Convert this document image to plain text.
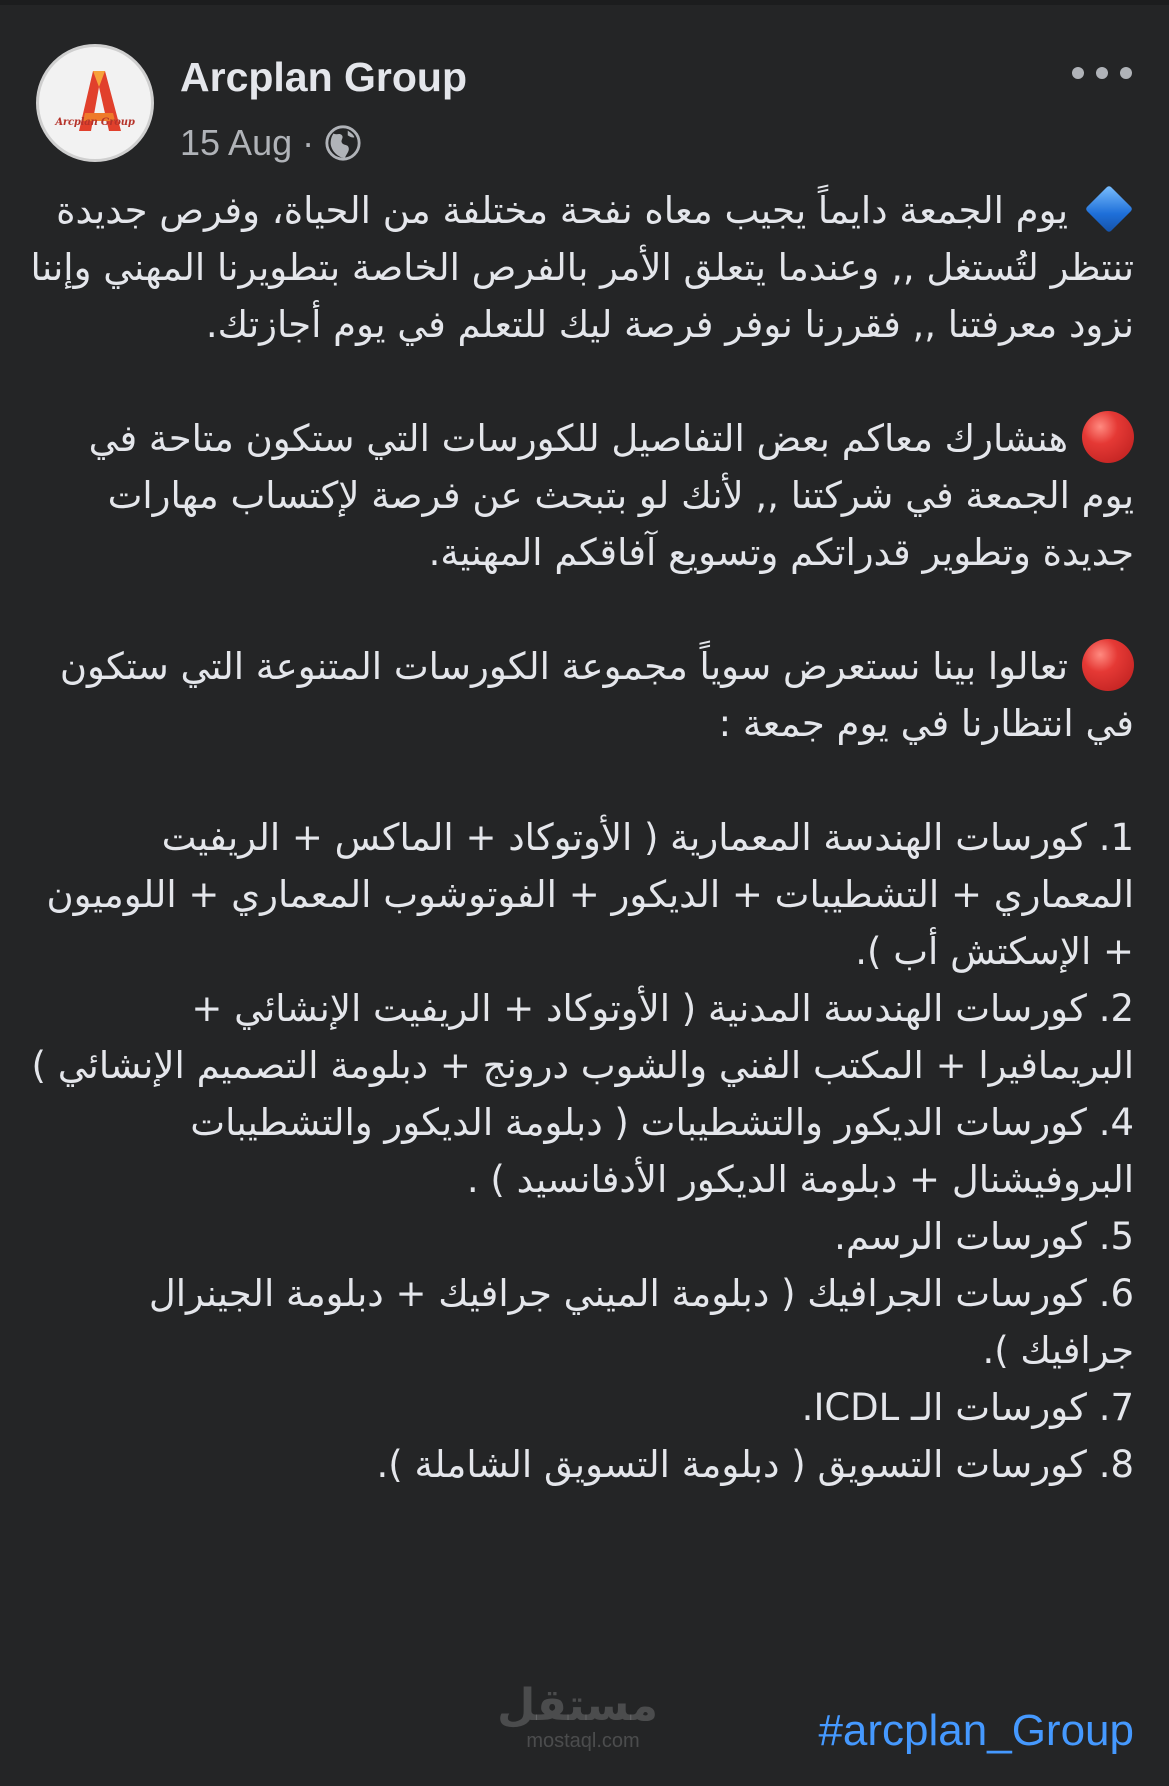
Arcplan Group
Arcplan Group
15 Aug ·

يوم الجمعة دايماً يجيب معاه نفحة مختلفة من الحياة، وفرص جديدة تنتظر لتُستغل ,, وعندما يتعلق الأمر بالفرص الخاصة بتطويرنا المهني وإننا نزود معرفتنا ,, فقررنا نوفر فرصة ليك للتعلم في يوم أجازتك.

هنشارك معاكم بعض التفاصيل للكورسات التي ستكون متاحة في يوم الجمعة في شركتنا ,, لأنك لو بتبحث عن فرصة لإكتساب مهارات جديدة وتطوير قدراتكم وتسويع آفاقكم المهنية.

تعالوا بينا نستعرض سوياً مجموعة الكورسات المتنوعة التي ستكون في انتظارنا في يوم جمعة :

1. كورسات الهندسة المعمارية ( الأوتوكاد + الماكس + الريفيت المعماري + التشطيبات + الديكور + الفوتوشوب المعماري + اللوميون + الإسكتش أب ).
2. كورسات الهندسة المدنية ( الأوتوكاد + الريفيت الإنشائي + البريمافيرا + المكتب الفني والشوب درونج + دبلومة التصميم الإنشائي )
4. كورسات الديكور والتشطيبات ( دبلومة الديكور والتشطيبات البروفيشنال + دبلومة الديكور الأدفانسيد ) .
5. كورسات الرسم.
6. كورسات الجرافيك ( دبلومة الميني جرافيك + دبلومة الجينرال جرافيك ).
7. كورسات الـ ICDL.
8. كورسات التسويق ( دبلومة التسويق الشاملة ).
مستقل
mostaql.com	#arcplan_Group
